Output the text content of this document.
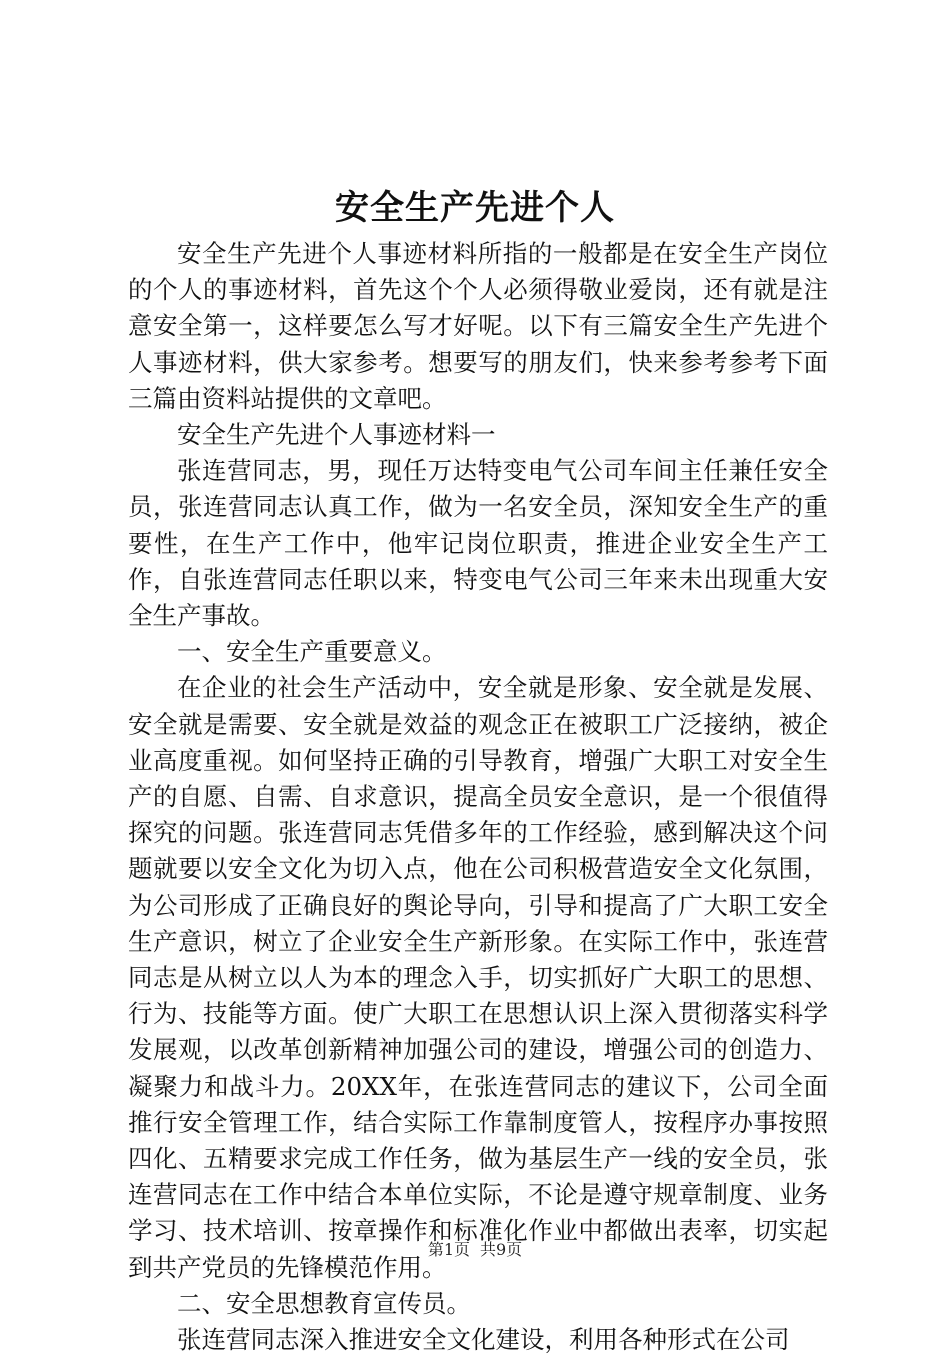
安全生产先进个人

安全生产先进个人事迹材料所指的一般都是在安全生产岗位的个人的事迹材料，首先这个个人必须得敬业爱岗，还有就是注意安全第一，这样要怎么写才好呢。以下有三篇安全生产先进个人事迹材料，供大家参考。想要写的朋友们，快来参考参考下面三篇由资料站提供的文章吧。

安全生产先进个人事迹材料一

张连营同志，男，现任万达特变电气公司车间主任兼任安全员，张连营同志认真工作，做为一名安全员，深知安全生产的重要性，在生产工作中，他牢记岗位职责，推进企业安全生产工作，自张连营同志任职以来，特变电气公司三年来未出现重大安全生产事故。

一、安全生产重要意义。

在企业的社会生产活动中，安全就是形象、安全就是发展、安全就是需要、安全就是效益的观念正在被职工广泛接纳，被企业高度重视。如何坚持正确的引导教育，增强广大职工对安全生产的自愿、自需、自求意识，提高全员安全意识，是一个很值得探究的问题。张连营同志凭借多年的工作经验，感到解决这个问题就要以安全文化为切入点，他在公司积极营造安全文化氛围，为公司形成了正确良好的舆论导向，引导和提高了广大职工安全生产意识，树立了企业安全生产新形象。在实际工作中，张连营同志是从树立以人为本的理念入手，切实抓好广大职工的思想、行为、技能等方面。使广大职工在思想认识上深入贯彻落实科学发展观，以改革创新精神加强公司的建设，增强公司的创造力、凝聚力和战斗力。20XX年，在张连营同志的建议下，公司全面推行安全管理工作，结合实际工作靠制度管人，按程序办事按照四化、五精要求完成工作任务，做为基层生产一线的安全员，张连营同志在工作中结合本单位实际，不论是遵守规章制度、业务学习、技术培训、按章操作和标准化作业中都做出表率，切实起到共产党员的先锋模范作用。

二、安全思想教育宣传员。

张连营同志深入推进安全文化建设，利用各种形式在公司

第1页 共9页
